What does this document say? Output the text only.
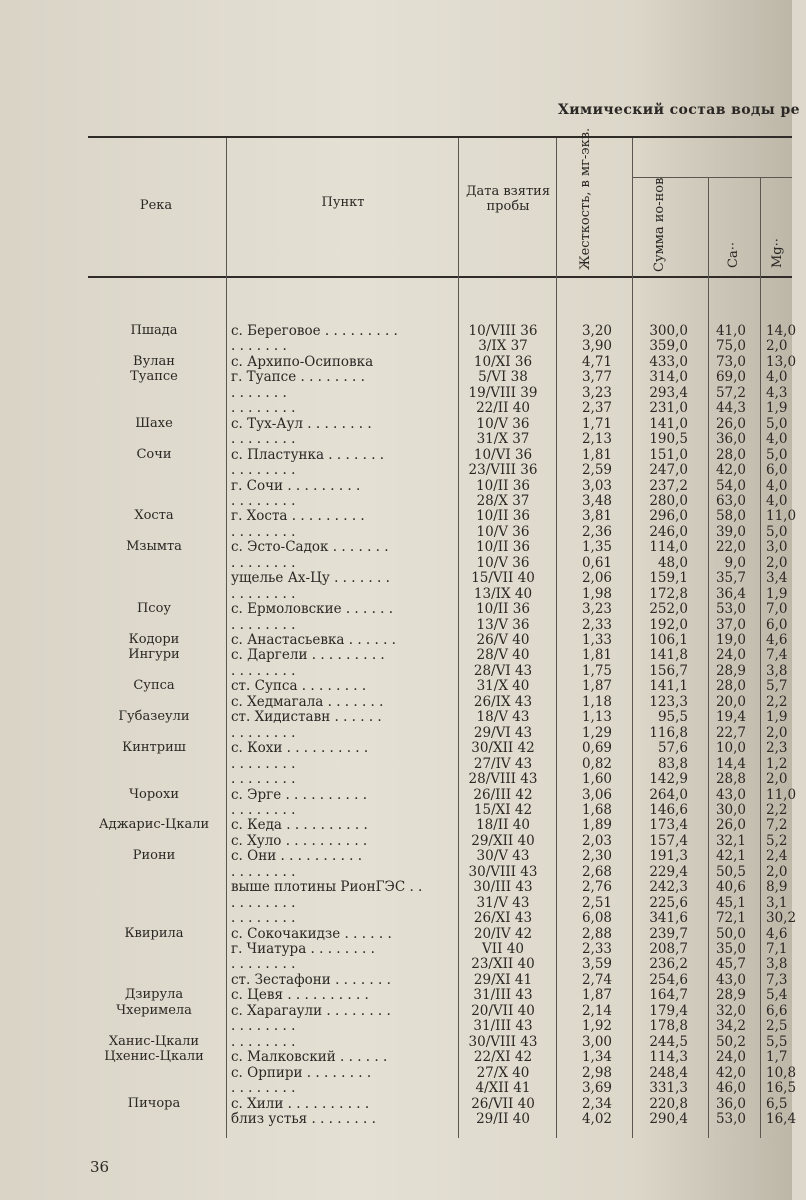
Химический состав воды ре
Река	Пункт
Дата взятия пробы	Жесткость, в мг-экв.	Сумма ио-нов	Ca·· Mg··
Пшада	с. Береговое . . . . . . . . .	10/VIII 36	3,20	300,0	41,0 14,0
. . . . . . .	3/IX 37	3,90	359,0	75,0 2,0
Вулан	с. Архипо-Осиповка	10/XI 36	4,71	433,0	73,0 13,0
Туапсе	г. Туапсе . . . . . . . .	5/VI 38	3,77	314,0	69,0 4,0
. . . . . . .	19/VIII 39	3,23	293,4	57,2 4,3
. . . . . . . .	22/II 40	2,37	231,0	44,3 1,9
Шахе	с. Тух-Аул . . . . . . . .	10/V 36	1,71	141,0	26,0 5,0
. . . . . . . .	31/X 37	2,13	190,5	36,0 4,0
Сочи	с. Пластунка . . . . . . .	10/VI 36	1,81	151,0	28,0 5,0
. . . . . . . .	23/VIII 36	2,59	247,0	42,0 6,0
г. Сочи . . . . . . . . .	10/II 36	3,03	237,2	54,0 4,0
. . . . . . . .	28/X 37	3,48	280,0	63,0 4,0
Хоста	г. Хоста . . . . . . . . .	10/II 36	3,81	296,0	58,0 11,0
. . . . . . . .	10/V 36	2,36	246,0	39,0 5,0
Мзымта	с. Эсто-Садок . . . . . . .	10/II 36	1,35	114,0	22,0 3,0
. . . . . . . .	10/V 36	0,61	48,0	9,0 2,0
ущелье Ах-Цу . . . . . . .	15/VII 40	2,06	159,1	35,7 3,4
. . . . . . . .	13/IX 40	1,98	172,8	36,4 1,9
Псоу	с. Ермоловские . . . . . .	10/II 36	3,23	252,0	53,0 7,0
. . . . . . . .	13/V 36	2,33	192,0	37,0 6,0
Кодори	с. Анастасьевка . . . . . .	26/V 40	1,33	106,1	19,0 4,6
Ингури	с. Даргели . . . . . . . . .	28/V 40	1,81	141,8	24,0 7,4
. . . . . . . .	28/VI 43	1,75	156,7	28,9 3,8
Супса	ст. Супса . . . . . . . .	31/X 40	1,87	141,1	28,0 5,7
с. Хедмагала . . . . . . .	26/IX 43	1,18	123,3	20,0 2,2
Губазеули	ст. Хидиставн . . . . . .	18/V 43	1,13	95,5	19,4 1,9
. . . . . . . .	29/VI 43	1,29	116,8	22,7 2,0
Кинтриш	с. Кохи . . . . . . . . . .	30/XII 42	0,69	57,6	10,0 2,3
. . . . . . . .	27/IV 43	0,82	83,8	14,4 1,2
. . . . . . . .	28/VIII 43	1,60	142,9	28,8 2,0
Чорохи	с. Эрге . . . . . . . . . .	26/III 42	3,06	264,0	43,0 11,0
. . . . . . . .	15/XI 42	1,68	146,6	30,0 2,2
Аджарис-Цкали	с. Кеда . . . . . . . . . .	18/II 40	1,89	173,4	26,0 7,2
с. Хуло . . . . . . . . . .	29/XII 40	2,03	157,4	32,1 5,2
Риони	с. Они . . . . . . . . . .	30/V 43	2,30	191,3	42,1 2,4
. . . . . . . .	30/VIII 43	2,68	229,4	50,5 2,0
выше плотины РионГЭС . .	30/III 43	2,76	242,3	40,6 8,9
. . . . . . . .	31/V 43	2,51	225,6	45,1 3,1
. . . . . . . .	26/XI 43	6,08	341,6	72,1 30,2
Квирила	с. Сокочакидзе . . . . . .	20/IV 42	2,88	239,7	50,0 4,6
г. Чиатура . . . . . . . .	VII 40	2,33	208,7	35,0 7,1
. . . . . . . .	23/XII 40	3,59	236,2	45,7 3,8
ст. Зестафони . . . . . . .	29/XI 41	2,74	254,6	43,0 7,3
Дзирула	с. Цевя . . . . . . . . . .	31/III 43	1,87	164,7	28,9 5,4
Чхеримела	с. Харагаули . . . . . . . .	20/VII 40	2,14	179,4	32,0 6,6
. . . . . . . .	31/III 43	1,92	178,8	34,2 2,5
Ханис-Цкали	. . . . . . . .	30/VIII 43	3,00	244,5	50,2 5,5
Цхенис-Цкали	с. Малковский . . . . . .	22/XI 42	1,34	114,3	24,0 1,7
с. Орпири . . . . . . . .	27/X 40	2,98	248,4	42,0 10,8
. . . . . . . .	4/XII 41	3,69	331,3	46,0 16,5
Пичора	с. Хили . . . . . . . . . .	26/VII 40	2,34	220,8	36,0 6,5
близ устья . . . . . . . .	29/II 40	4,02	290,4	53,0 16,4
36
